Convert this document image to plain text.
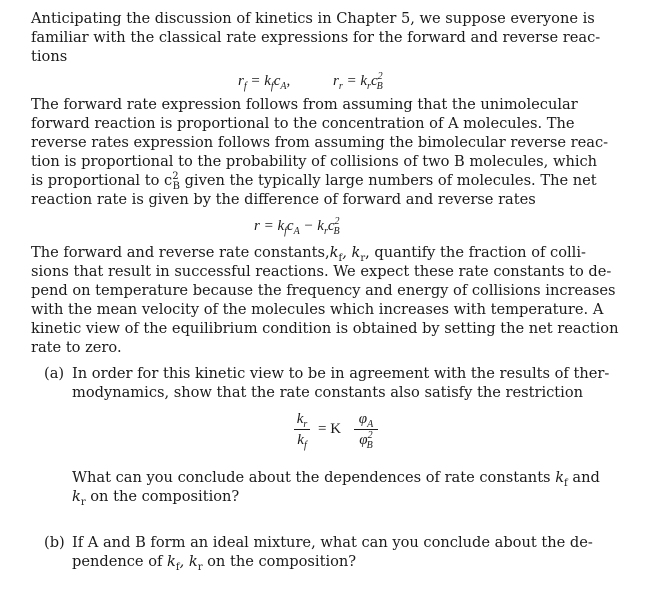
Anticipating the discussion of kinetics in Chapter 5, we suppose everyone is
familiar with the classical rate expressions for the forward and reverse reac-
tions
$r_f = k_fc_A$,	$r_r = k_rc^2_B$
The forward rate expression follows from assuming that the unimolecular
forward reaction is proportional to the concentration of A molecules. The
reverse rates expression follows from assuming the bimolecular reverse reac-
tion is proportional to the probability of collisions of two B molecules, which
is proportional to $c^2_B$ given the typically large numbers of molecules. The net
reaction rate is given by the difference of forward and reverse rates
$r = k_fc_A - k_rc^2_B$
The forward and reverse rate $constants,k_f$, $k_r$, quantify the fraction of colli-
sions that result in successful reactions. We expect these rate constants to de-
pend on temperature because the frequency and energy of collisions increases
with the mean velocity of the molecules which increases with temperature. A
kinetic view of the equilibrium condition is obtained by setting the net reaction
rate to zero.
(a) In order for this kinetic view to be in agreement with the results of ther-
modynamics, show that the rate constants also satisfy the restriction
$k_r$
$k_f$
= K
$\varphi_A$
$\varphi^2_B$
What can you conclude about the dependences of rate constants $k_f$ and
$k_r$ on the composition?
(b) If A and B form an ideal mixture, what can you conclude about the de-
pendence of $k_f$, $k_r$ on the composition?
